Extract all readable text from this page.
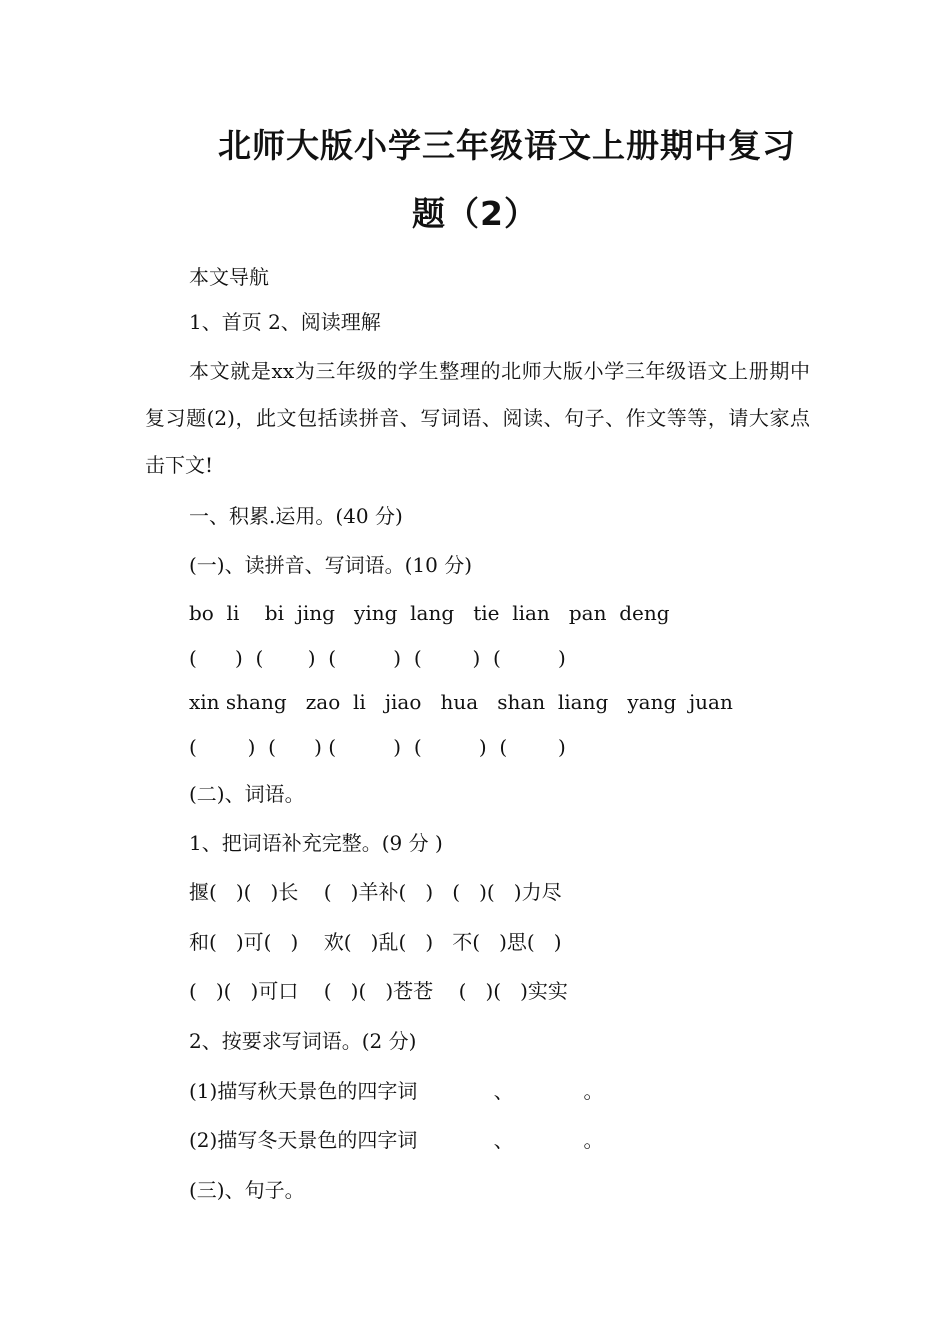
北师大版小学三年级语文上册期中复习
题（2）
本文导航
1、首页 2、阅读理解
本文就是xx为三年级的学生整理的北师大版小学三年级语文上册期中复习题(2)，此文包括读拼音、写词语、阅读、句子、作文等等，请大家点击下文!
一、积累.运用。(40 分)
(一)、读拼音、写词语。(10 分)
bo  li    bi  jing   ying  lang   tie  lian   pan  deng
(      )  (       )  (         )  (        )  (         )
xin shang   zao  li   jiao   hua   shan  liang   yang  juan
(        )  (      ) (         )  (         )  (        )
(二)、词语。
1、把词语补充完整。(9 分 )
揠(   )(   )长    (   )羊补(   )   (   )(   )力尽
和(   )可(   )    欢(   )乱(   )   不(   )思(   )
(   )(   )可口    (   )(   )苍苍    (   )(   )实实
2、按要求写词语。(2 分)
(1)描写秋天景色的四字词            、           。
(2)描写冬天景色的四字词            、           。
(三)、句子。
